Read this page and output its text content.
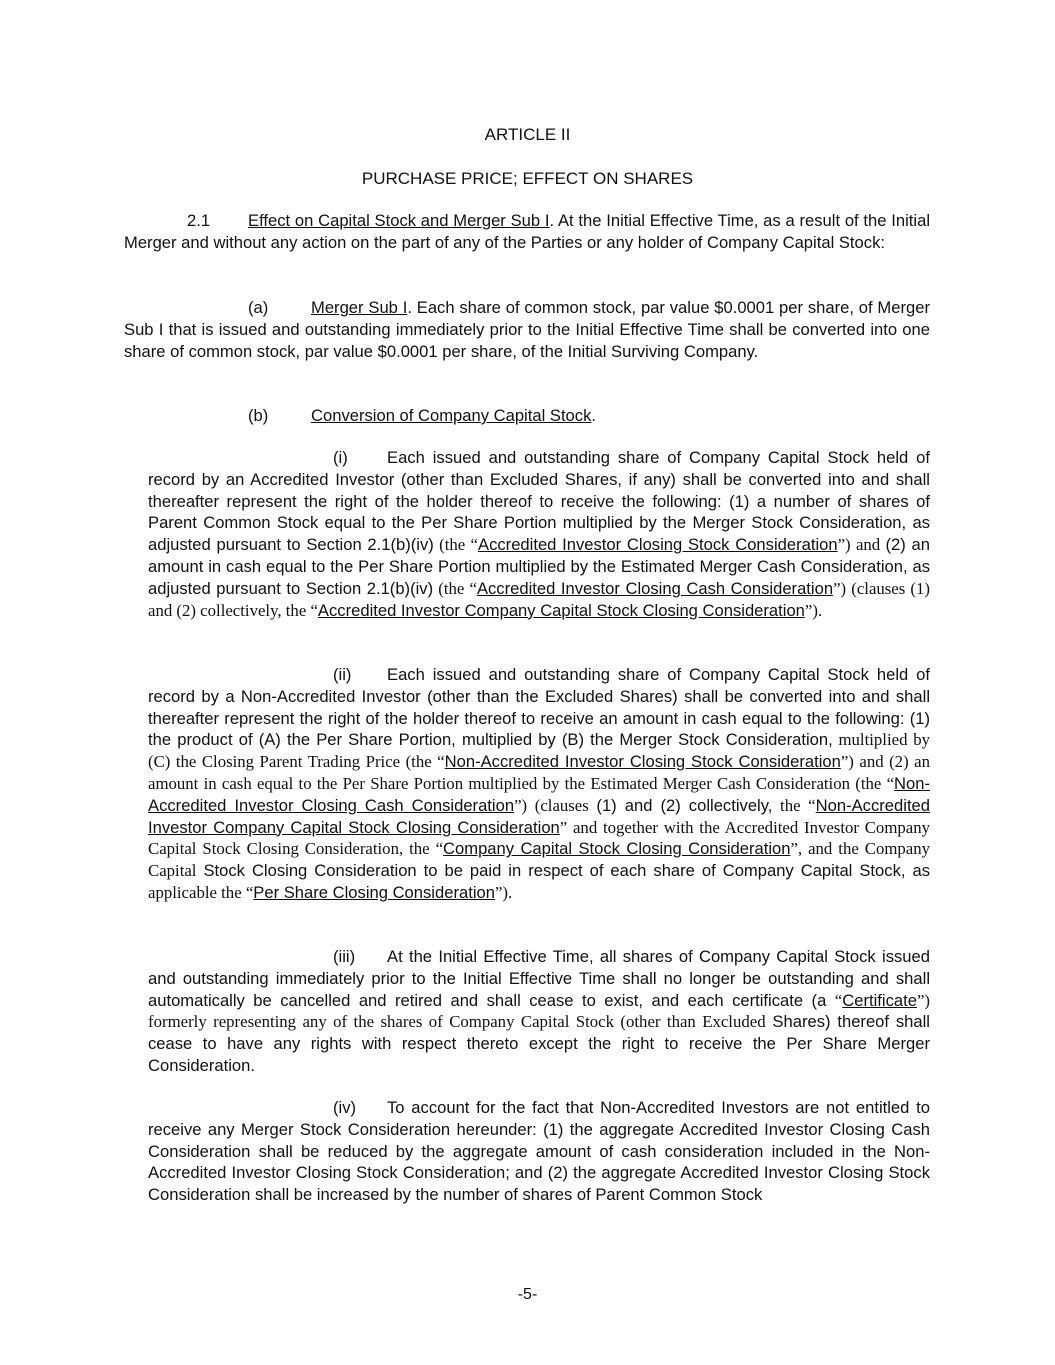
ARTICLE II
PURCHASE PRICE; EFFECT ON SHARES
2.1 Effect on Capital Stock and Merger Sub I. At the Initial Effective Time, as a result of the Initial Merger and without any action on the part of any of the Parties or any holder of Company Capital Stock:
(a)	Merger Sub I. Each share of common stock, par value $0.0001 per share, of Merger Sub I that is issued and outstanding immediately prior to the Initial Effective Time shall be converted into one share of common stock, par value $0.0001 per share, of the Initial Surviving Company.
(b)	Conversion of Company Capital Stock.
(i) Each issued and outstanding share of Company Capital Stock held of record by an Accredited Investor (other than Excluded Shares, if any) shall be converted into and shall thereafter represent the right of the holder thereof to receive the following: (1) a number of shares of Parent Common Stock equal to the Per Share Portion multiplied by the Merger Stock Consideration, as adjusted pursuant to Section 2.1(b)(iv) (the “Accredited Investor Closing Stock Consideration”) and (2) an amount in cash equal to the Per Share Portion multiplied by the Estimated Merger Cash Consideration, as adjusted pursuant to Section 2.1(b)(iv) (the “Accredited Investor Closing Cash Consideration”) (clauses (1) and (2) collectively, the “Accredited Investor Company Capital Stock Closing Consideration”).
(ii) Each issued and outstanding share of Company Capital Stock held of record by a Non-Accredited Investor (other than the Excluded Shares) shall be converted into and shall thereafter represent the right of the holder thereof to receive an amount in cash equal to the following: (1) the product of (A) the Per Share Portion, multiplied by (B) the Merger Stock Consideration, multiplied by (C) the Closing Parent Trading Price (the “Non-Accredited Investor Closing Stock Consideration”) and (2) an amount in cash equal to the Per Share Portion multiplied by the Estimated Merger Cash Consideration (the “Non-Accredited Investor Closing Cash Consideration”) (clauses (1) and (2) collectively, the “Non-Accredited Investor Company Capital Stock Closing Consideration” and together with the Accredited Investor Company Capital Stock Closing Consideration, the “Company Capital Stock Closing Consideration”, and the Company Capital Stock Closing Consideration to be paid in respect of each share of Company Capital Stock, as applicable the “Per Share Closing Consideration”).
(iii) At the Initial Effective Time, all shares of Company Capital Stock issued and outstanding immediately prior to the Initial Effective Time shall no longer be outstanding and shall automatically be cancelled and retired and shall cease to exist, and each certificate (a “Certificate”) formerly representing any of the shares of Company Capital Stock (other than Excluded Shares) thereof shall cease to have any rights with respect thereto except the right to receive the Per Share Merger Consideration.
(iv) To account for the fact that Non-Accredited Investors are not entitled to receive any Merger Stock Consideration hereunder: (1) the aggregate Accredited Investor Closing Cash Consideration shall be reduced by the aggregate amount of cash consideration included in the Non-Accredited Investor Closing Stock Consideration; and (2) the aggregate Accredited Investor Closing Stock Consideration shall be increased by the number of shares of Parent Common Stock
-5-
